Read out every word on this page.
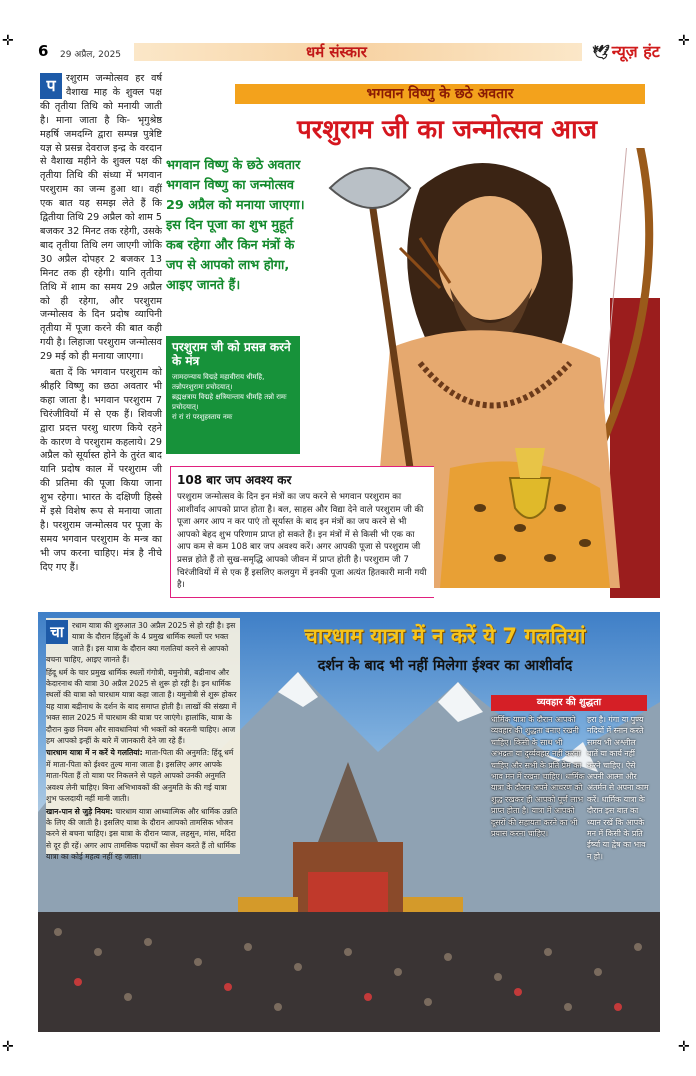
✛	✛
✛	✛
6 29 अप्रैल, 2025	धर्म संस्कार	🕊 न्यूज़ हंट
प	रशुराम जन्मोत्सव हर वर्ष वैशाख माह के शुक्ल पक्ष की तृतीया तिथि को मनायी जाती है। माना जाता है कि- भृगुश्रेष्ठ महर्षि जमदग्नि द्वारा सम्पन्न पुत्रेष्टि यज्ञ से प्रसन्न देवराज इन्द्र के वरदान से वैशाख महीने के शुक्ल पक्ष की तृतीया तिथि की संध्या में भगवान परशुराम का जन्म हुआ था। वहीं एक बात यह समझ लेते हैं कि द्वितीया तिथि 29 अप्रैल को शाम 5 बजकर 32 मिनट तक रहेगी, उसके बाद तृतीया तिथि लग जाएगी जोकि 30 अप्रैल दोपहर 2 बजकर 13 मिनट तक ही रहेगी। यानि तृतीया तिथि में शाम का समय 29 अप्रैल को ही रहेगा, और परशुराम जन्मोत्सव के दिन प्रदोष व्यापिनी तृतीया में पूजा करने की बात कही गयी है। लिहाजा परशुराम जन्मोत्सव 29 मई को ही मनाया जाएगा।

बता दें कि भगवान परशुराम को श्रीहरि विष्णु का छठा अवतार भी कहा जाता है। भगवान परशुराम 7 चिरंजीवियों में से एक हैं। शिवजी द्वारा प्रदत्त परशु धारण किये रहने के कारण वे परशुराम कहलाये। 29 अप्रैल को सूर्यास्त होने के तुरंत बाद यानि प्रदोष काल में परशुराम जी की प्रतिमा की पूजा किया जाना शुभ रहेगा। भारत के दक्षिणी हिस्से में इसे विशेष रूप से मनाया जाता है। परशुराम जन्मोत्सव पर पूजा के समय भगवान परशुराम के मन्त्र का भी जप करना चाहिए। मंत्र है नीचे दिए गए हैं।

भगवान विष्णु के छठे अवतार
परशुराम जी का जन्मोत्सव आज
भगवान विष्णु के छठे अवतार भगवान विष्णु का जन्मोत्सव 29 अप्रैल को मनाया जाएगा। इस दिन पूजा का शुभ मुहूर्त कब रहेगा और किन मंत्रों के जप से आपको लाभ होगा, आइए जानते हैं।
परशुराम जी को प्रसन्न करने के मंत्र
जामदग्न्याय विद्महे महावीराय धीमहि,
तन्नोपरशुरामः प्रचोदयात्।
ब्रह्मक्षत्राय विद्महे क्षत्रियान्ताय धीमहि तन्नो रामः प्रचोदयात्।
रां रां रां परशुहस्ताय नमः
108 बार जप अवश्य कर
परशुराम जन्मोत्सव के दिन इन मंत्रों का जप करने से भगवान परशुराम का आशीर्वाद आपको प्राप्त होता है। बल, साहस और विद्या देने वाले परशुराम जी की पूजा अगर आप न कर पाएं तो सूर्यास्त के बाद इन मंत्रों का जप करने से भी आपको बेहद शुभ परिणाम प्राप्त हो सकते हैं। इन मंत्रों में से किसी भी एक का आप कम से कम 108 बार जप अवश्य करें। अगर आपकी पूजा से परशुराम जी प्रसन्न होते हैं तो सुख-समृद्धि आपको जीवन में प्राप्त होती है। परशुराम जी 7 चिरंजीवियों में से एक हैं इसलिए कलयुग में इनकी पूजा अत्यंत हितकारी मानी गयी है।
चा	रधाम यात्रा की शुरुआत 30 अप्रैल 2025 से हो रही है। इस यात्रा के दौरान हिंदुओं के 4 प्रमुख धार्मिक स्थलों पर भक्त जाते हैं। इस यात्रा के दौरान क्या गलतियां करने से आपको बचना चाहिए, आइए जानते हैं।

हिंदू धर्म के चार प्रमुख धार्मिक स्थलों गंगोत्री, यमुनोत्री, बद्रीनाथ और केदारनाथ की यात्रा 30 अप्रैल 2025 से शुरू हो रही है। इन धार्मिक स्थलों की यात्रा को चारधाम यात्रा कहा जाता है। यमुनोत्री से शुरू होकर यह यात्रा बद्रीनाथ के दर्शन के बाद समाप्त होती है। लाखों की संख्या में भक्त साल 2025 में चारधाम की यात्रा पर जाएंगे। हालांकि, यात्रा के दौरान कुछ नियम और सावधानियां भी भक्तों को बरतनी चाहिए। आज हम आपको इन्हीं के बारे में जानकारी देने जा रहे हैं।

चारधाम यात्रा में न करें ये गलतियां: माता-पिता की अनुमति: हिंदू धर्म में माता-पिता को ईश्वर तुल्य माना जाता है। इसलिए अगर आपके माता-पिता हैं तो यात्रा पर निकलने से पहले आपको उनकी अनुमति अवश्य लेनी चाहिए। बिना अभिभावकों की अनुमति के की गई यात्रा शुभ फलदायी नहीं मानी जाती।

खान-पान से जुड़े नियम: चारधाम यात्रा आध्यात्मिक और धार्मिक उन्नति के लिए की जाती है। इसलिए यात्रा के दौरान आपको तामसिक भोजन करने से बचना चाहिए। इस यात्रा के दौरान प्याज, लहसुन, मांस, मदिरा से दूर ही रहें। अगर आप तामसिक पदार्थों का सेवन करते हैं तो धार्मिक यात्रा का कोई महत्व नहीं रह जाता।

चारधाम यात्रा में न करें ये 7 गलतियां
दर्शन के बाद भी नहीं मिलेगा ईश्वर का आशीर्वाद
व्यवहार की शुद्धता
धार्मिक यात्रा के दौरान आपको व्यवहार की शुद्धता बनाए रखनी चाहिए। किसी के साथ भी अभद्रता या दुर्व्यवहार नहीं करना चाहिए और सभी के प्रति प्रेम का भाव मन में रखना चाहिए। धार्मिक यात्रा के दौरान अपने आचरण को शुद्ध रखकर ही आपको पूर्ण लाभ प्राप्त होता है। यात्रा में आपको दूसरों की सहायता करने का भी प्रयास करना चाहिए।
हरा है। गंगा या पुण्य नदियों में स्नान करते समय भी अश्लील बातें या कार्य नहीं करने चाहिए। ऐसे अपनी आत्मा और अंतर्मन से अपना काम करें। धार्मिक यात्रा के दौरान इस बात का ध्यान रखें कि आपके मन में किसी के प्रति ईर्ष्या या द्वेष का भाव न हो।
